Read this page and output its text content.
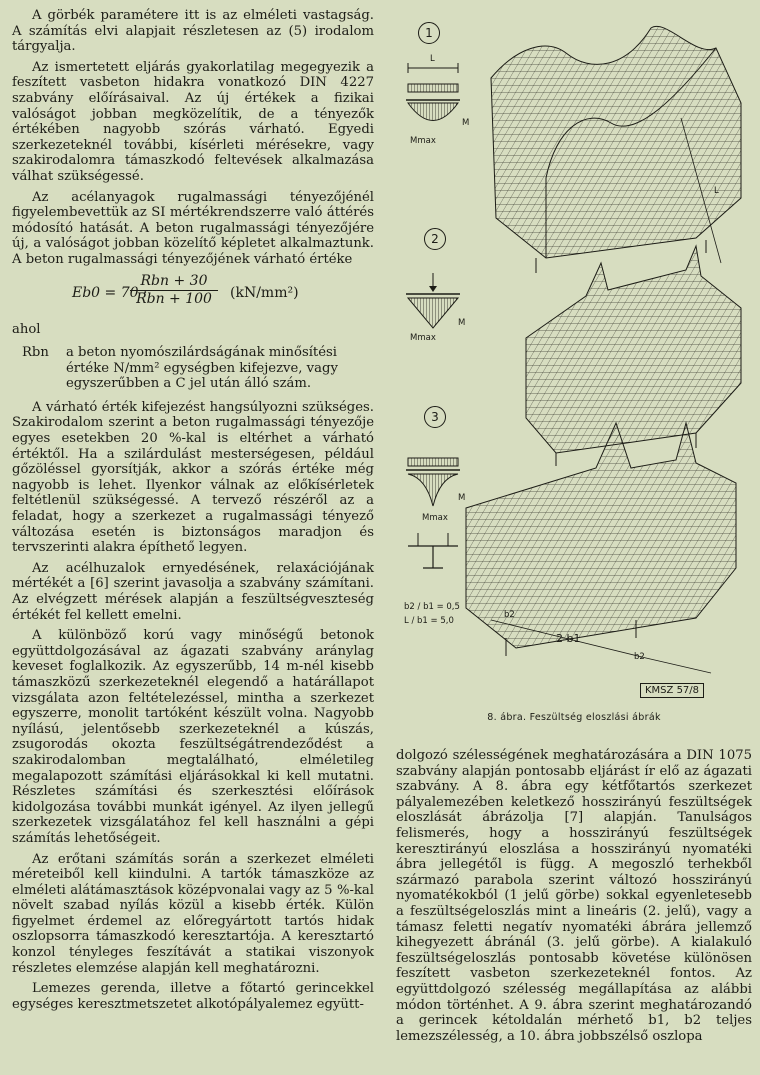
A görbék paramétere itt is az elméleti vastagság. A számítás elvi alapjait részletesen az (5) irodalom tárgyalja.

Az ismertetett eljárás gyakorlatilag megegyezik a feszített vasbeton hidakra vonatkozó DIN 4227 szabvány előírásaival. Az új értékek a fizikai valóságot jobban megközelítik, de a tényezők értékében nagyobb szórás várható. Egyedi szerkezeteknél további, kísérleti mérésekre, vagy szakirodalomra támaszkodó feltevések alkalmazása válhat szükségessé.

Az acélanyagok rugalmassági tényezőjénél figyelembevettük az SI mértékrendszerre való áttérés módosító hatását. A beton rugalmassági tényezőjére új, a valóságot jobban közelítő képletet alkalmaztunk. A beton rugalmassági tényezőjének várható értéke

Eb0 = 70 ·
Rbn + 30
Rbn + 100	(kN/mm²)
ahol
Rbn	a beton nyomószilárdságának minősítési értéke N/mm² egységben kifejezve, vagy egyszerűbben a C jel után álló szám.

A várható érték kifejezést hangsúlyozni szükséges. Szakirodalom szerint a beton rugalmassági tényezője egyes esetekben 20 %-kal is eltérhet a várható értéktől. Ha a szilárdulást mesterségesen, például gőzöléssel gyorsítják, akkor a szórás értéke még nagyobb is lehet. Ilyenkor válnak az előkísérletek feltétlenül szükségessé. A tervező részéről az a feladat, hogy a szerkezet a rugalmassági tényező változása esetén is biztonságos maradjon és tervszerinti alakra építhető legyen.

Az acélhuzalok ernyedésének, relaxációjának mértékét a [6] szerint javasolja a szabvány számítani. Az elvégzett mérések alapján a feszültségveszteség értékét fel kellett emelni.

A különböző korú vagy minőségű betonok együttdolgozásával az ágazati szabvány aránylag keveset foglalkozik. Az egyszerűbb, 14 m-nél kisebb támaszközű szerkezeteknél elegendő a határállapot vizsgálata azon feltételezéssel, mintha a szerkezet egyszerre, monolit tartóként készült volna. Nagyobb nyílású, jelentősebb szerkezeteknél a kúszás, zsugorodás okozta feszültségátrendeződést a szakirodalomban megtalálható, elméletileg megalapozott számítási eljárásokkal ki kell mutatni. Részletes számítási és szerkesztési előírások kidolgozása további munkát igényel. Az ilyen jellegű szerkezetek vizsgálatához fel kell használni a gépi számítás lehetőségeit.

Az erőtani számítás során a szerkezet elméleti méreteiből kell kiindulni. A tartók támaszköze az elméleti alátámasztások középvonalai vagy az 5 %-kal növelt szabad nyílás közül a kisebb érték. Külön figyelmet érdemel az előregyártott tartós hidak oszlopsorra támaszkodó keresztartója. A keresztartó konzol tényleges feszítávát a statikai viszonyok részletes elemzése alapján kell meghatározni.

Lemezes gerenda, illetve a főtartó gerincekkel egységes keresztmetszetet alkotópályalemez együtt-

1
2
3
L
L
Mmax
M
Mmax
M
Mmax
M
b2 / b1 = 0,5
L / b1 = 5,0
b2
2 b1
b2
KMSZ 57/8
8. ábra. Feszültség eloszlási ábrák

dolgozó szélességének meghatározására a DIN 1075 szabvány alapján pontosabb eljárást ír elő az ágazati szabvány. A 8. ábra egy kétfőtartós szerkezet pályalemezében keletkező hosszirányú feszültségek eloszlását ábrázolja [7] alapján. Tanulságos felismerés, hogy a hosszirányú feszültségek keresztirányú eloszlása a hosszirányú nyomatéki ábra jellegétől is függ. A megoszló terhekből származó parabola szerint változó hosszirányú nyomatékokból (1 jelű görbe) sokkal egyenletesebb a feszültségeloszlás mint a lineáris (2. jelű), vagy a támasz feletti negatív nyomatéki ábrára jellemző kihegyezett ábránál (3. jelű görbe). A kialakuló feszültségeloszlás pontosabb követése különösen feszített vasbeton szerkezeteknél fontos. Az együttdolgozó szélesség megállapítása az alábbi módon történhet. A 9. ábra szerint meghatározandó a gerincek kétoldalán mérhető b1, b2 teljes lemezszélesség, a 10. ábra jobbszélső oszlopa
